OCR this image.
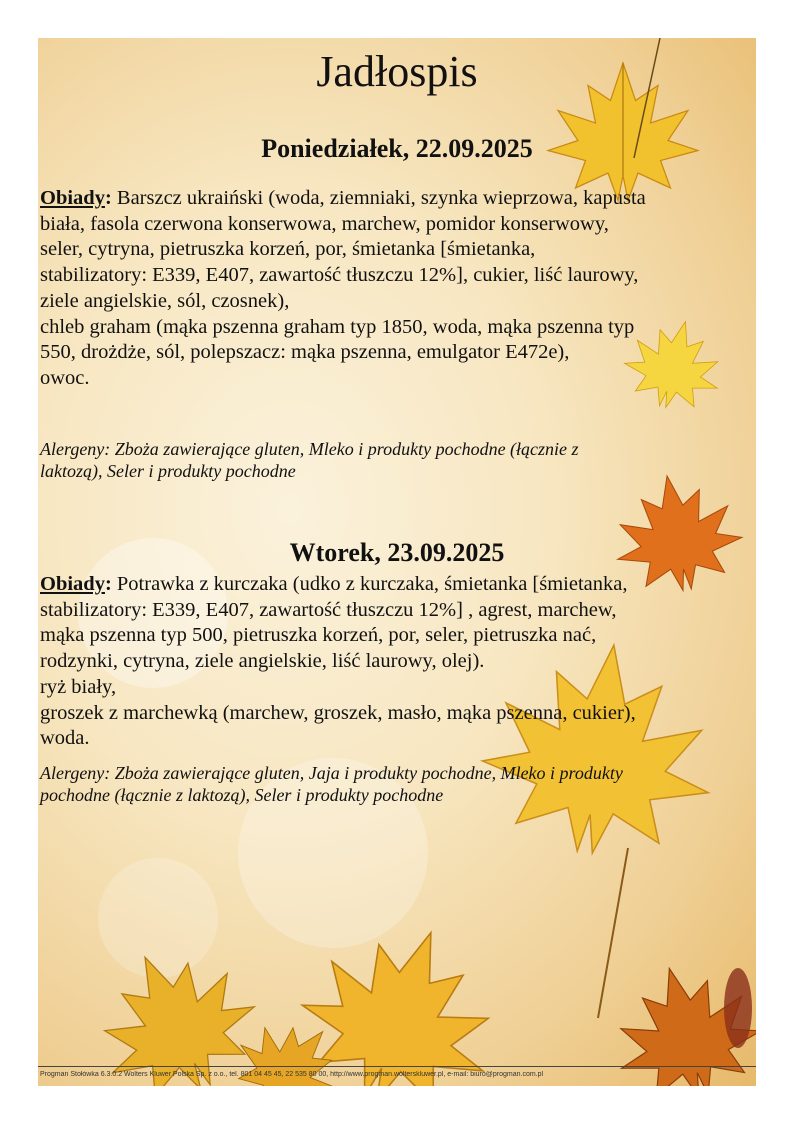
Jadłospis
Poniedziałek, 22.09.2025

Obiady: Barszcz ukraiński (woda, ziemniaki, szynka wieprzowa, kapusta
biała, fasola czerwona konserwowa, marchew, pomidor konserwowy,
seler, cytryna, pietruszka korzeń, por, śmietanka [śmietanka,
stabilizatory: E339, E407, zawartość tłuszczu 12%], cukier, liść laurowy,
ziele angielskie, sól, czosnek),
chleb graham (mąka pszenna graham typ 1850, woda, mąka pszenna typ
550, drożdże, sól, polepszacz: mąka pszenna, emulgator E472e),
owoc.

Alergeny: Zboża zawierające gluten, Mleko i produkty pochodne (łącznie z
laktozą), Seler i produkty pochodne

Wtorek, 23.09.2025

Obiady: Potrawka z kurczaka (udko z kurczaka, śmietanka [śmietanka,
stabilizatory: E339, E407, zawartość tłuszczu 12%] , agrest, marchew,
mąka pszenna typ 500, pietruszka korzeń, por, seler, pietruszka nać,
rodzynki, cytryna, ziele angielskie, liść laurowy, olej).
ryż biały,
groszek z marchewką (marchew, groszek, masło, mąka pszenna, cukier),
woda.

Alergeny: Zboża zawierające gluten, Jaja i produkty pochodne, Mleko i produkty
pochodne (łącznie z laktozą), Seler i produkty pochodne

Progman Stołówka 6.3.0.2 Wolters Kluwer Polska Sp. z o.o., tel. 801 04 45 45, 22 535 80 00, http://www.progman.wolterskluwer.pl, e-mail: biuro@progman.com.pl
